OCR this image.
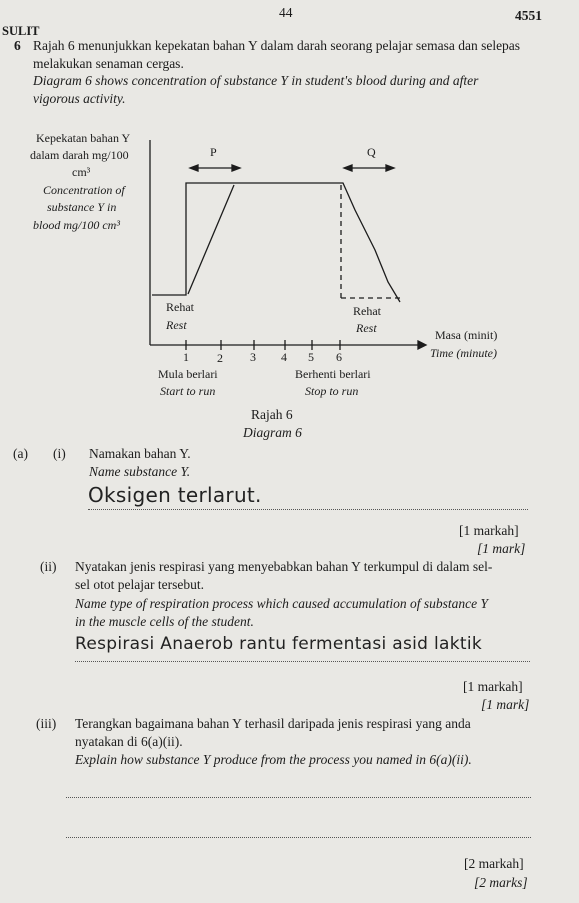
44	4551
SULIT
6 Rajah 6 menunjukkan kepekatan bahan Y dalam darah seorang pelajar semasa dan selepas
melakukan senaman cergas.
Diagram 6 shows concentration of substance Y in student's blood during and after
vigorous activity.
Kepekatan bahan Y
dalam darah mg/100
cm³
Concentration of
substance Y in
blood mg/100 cm³
P	Q
Rehat
Rest
Rehat
Rest	Masa (minit)
Time (minute)
1 2 3 4 5 6
Mula berlari
Start to run
Berhenti berlari
Stop to run
Rajah 6
Diagram 6
(a) (i) Namakan bahan Y.
Name substance Y.
Oksigen terlarut.
[1 markah]
[1 mark]
(ii) Nyatakan jenis respirasi yang menyebabkan bahan Y terkumpul di dalam sel-
sel otot pelajar tersebut.
Name type of respiration process which caused accumulation of substance Y
in the muscle cells of the student.
Respirasi Anaerob rantu fermentasi asid laktik
[1 markah]
[1 mark]
(iii) Terangkan bagaimana bahan Y terhasil daripada jenis respirasi yang anda
nyatakan di 6(a)(ii).
Explain how substance Y produce from the process you named in 6(a)(ii).
[2 markah]
[2 marks]
